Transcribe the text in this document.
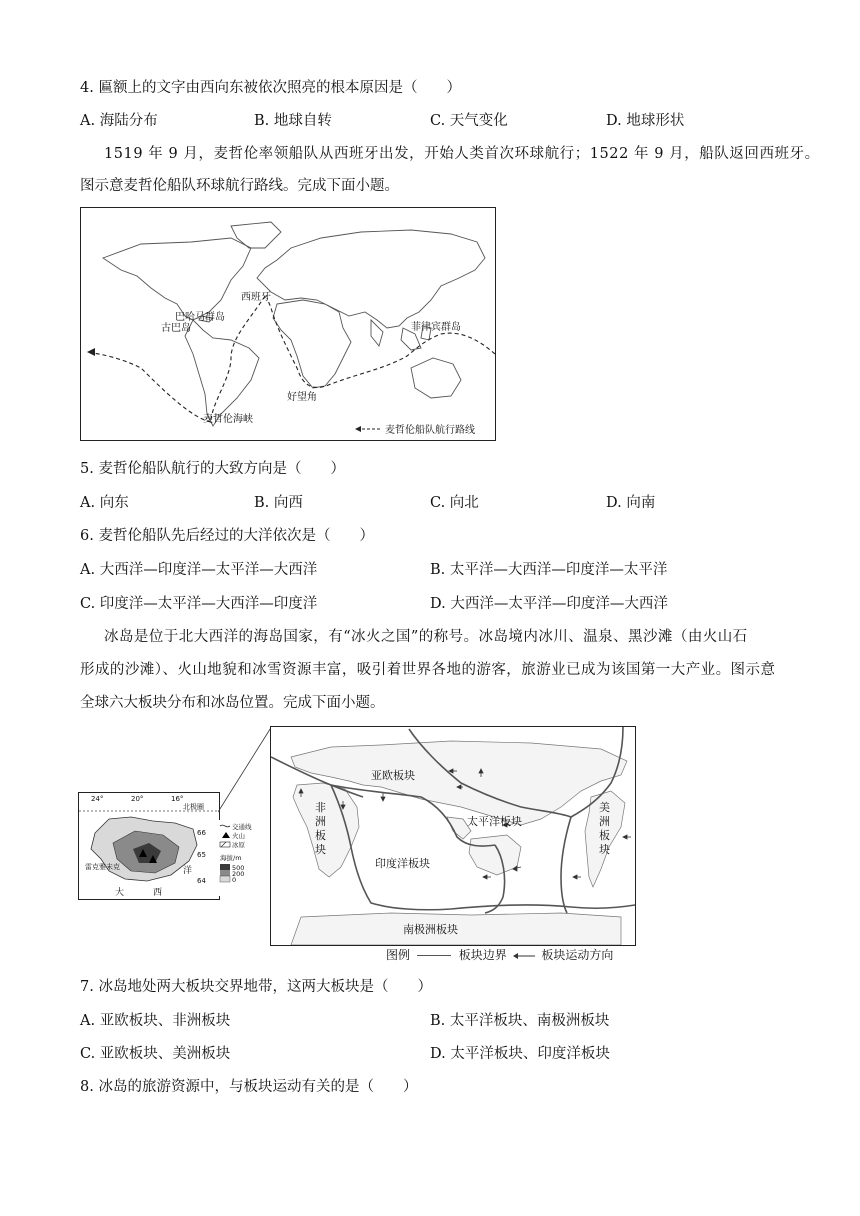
4. 匾额上的文字由西向东被依次照亮的根本原因是（　　）
A. 海陆分布	B. 地球自转	C. 天气变化	D. 地球形状
1519 年 9 月，麦哲伦率领船队从西班牙出发，开始人类首次环球航行；1522 年 9 月，船队返回西班牙。
图示意麦哲伦船队环球航行路线。完成下面小题。
西班牙
巴哈马群岛
古巴岛	菲律宾群岛
好望角
麦哲伦海峡
麦哲伦船队航行路线
5. 麦哲伦船队航行的大致方向是（　　）
A. 向东	B. 向西	C. 向北	D. 向南
6. 麦哲伦船队先后经过的大洋依次是（　　）
A. 大西洋—印度洋—太平洋—大西洋	B. 太平洋—大西洋—印度洋—太平洋
C. 印度洋—太平洋—大西洋—印度洋	D. 大西洋—太平洋—印度洋—大西洋
冰岛是位于北大西洋的海岛国家，有“冰火之国”的称号。冰岛境内冰川、温泉、黑沙滩（由火山石
形成的沙滩）、火山地貌和冰雪资源丰富，吸引着世界各地的游客，旅游业已成为该国第一大产业。图示意
全球六大板块分布和冰岛位置。完成下面小题。
24°	20°	16°
北极圈
66
65
64
雷克雅未克
大	西
洋
交通线
火山
冰原
海拔/m
500
200
0
亚欧板块
太平洋板块
印度洋板块
南极洲板块
非
洲
板
块
美
洲
板
块
图例	板块边界	板块运动方向
7. 冰岛地处两大板块交界地带，这两大板块是（　　）
A. 亚欧板块、非洲板块	B. 太平洋板块、南极洲板块
C. 亚欧板块、美洲板块	D. 太平洋板块、印度洋板块
8. 冰岛的旅游资源中，与板块运动有关的是（　　）
